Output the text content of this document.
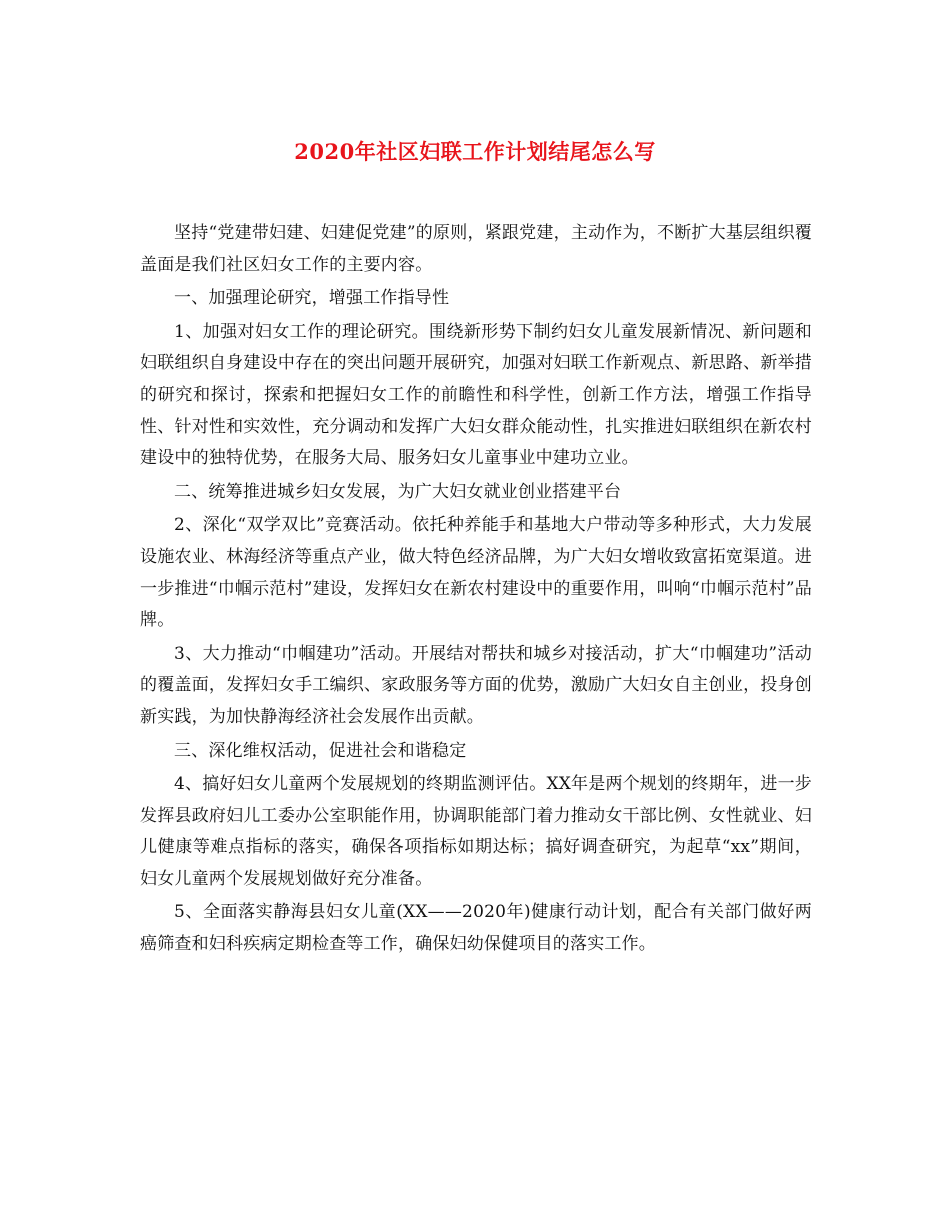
2020年社区妇联工作计划结尾怎么写

坚持“党建带妇建、妇建促党建”的原则，紧跟党建，主动作为，不断扩大基层组织覆盖面是我们社区妇女工作的主要内容。

一、加强理论研究，增强工作指导性

1、加强对妇女工作的理论研究。围绕新形势下制约妇女儿童发展新情况、新问题和妇联组织自身建设中存在的突出问题开展研究，加强对妇联工作新观点、新思路、新举措的研究和探讨，探索和把握妇女工作的前瞻性和科学性，创新工作方法，增强工作指导性、针对性和实效性，充分调动和发挥广大妇女群众能动性，扎实推进妇联组织在新农村建设中的独特优势，在服务大局、服务妇女儿童事业中建功立业。

二、统筹推进城乡妇女发展，为广大妇女就业创业搭建平台

2、深化“双学双比”竞赛活动。依托种养能手和基地大户带动等多种形式，大力发展设施农业、林海经济等重点产业，做大特色经济品牌，为广大妇女增收致富拓宽渠道。进一步推进“巾帼示范村”建设，发挥妇女在新农村建设中的重要作用，叫响“巾帼示范村”品牌。

3、大力推动“巾帼建功”活动。开展结对帮扶和城乡对接活动，扩大“巾帼建功”活动的覆盖面，发挥妇女手工编织、家政服务等方面的优势，激励广大妇女自主创业，投身创新实践，为加快静海经济社会发展作出贡献。

三、深化维权活动，促进社会和谐稳定

4、搞好妇女儿童两个发展规划的终期监测评估。XX年是两个规划的终期年，进一步发挥县政府妇儿工委办公室职能作用，协调职能部门着力推动女干部比例、女性就业、妇儿健康等难点指标的落实，确保各项指标如期达标；搞好调查研究，为起草“xx”期间，妇女儿童两个发展规划做好充分准备。

5、全面落实静海县妇女儿童(XX——2020年)健康行动计划，配合有关部门做好两癌筛查和妇科疾病定期检查等工作，确保妇幼保健项目的落实工作。
